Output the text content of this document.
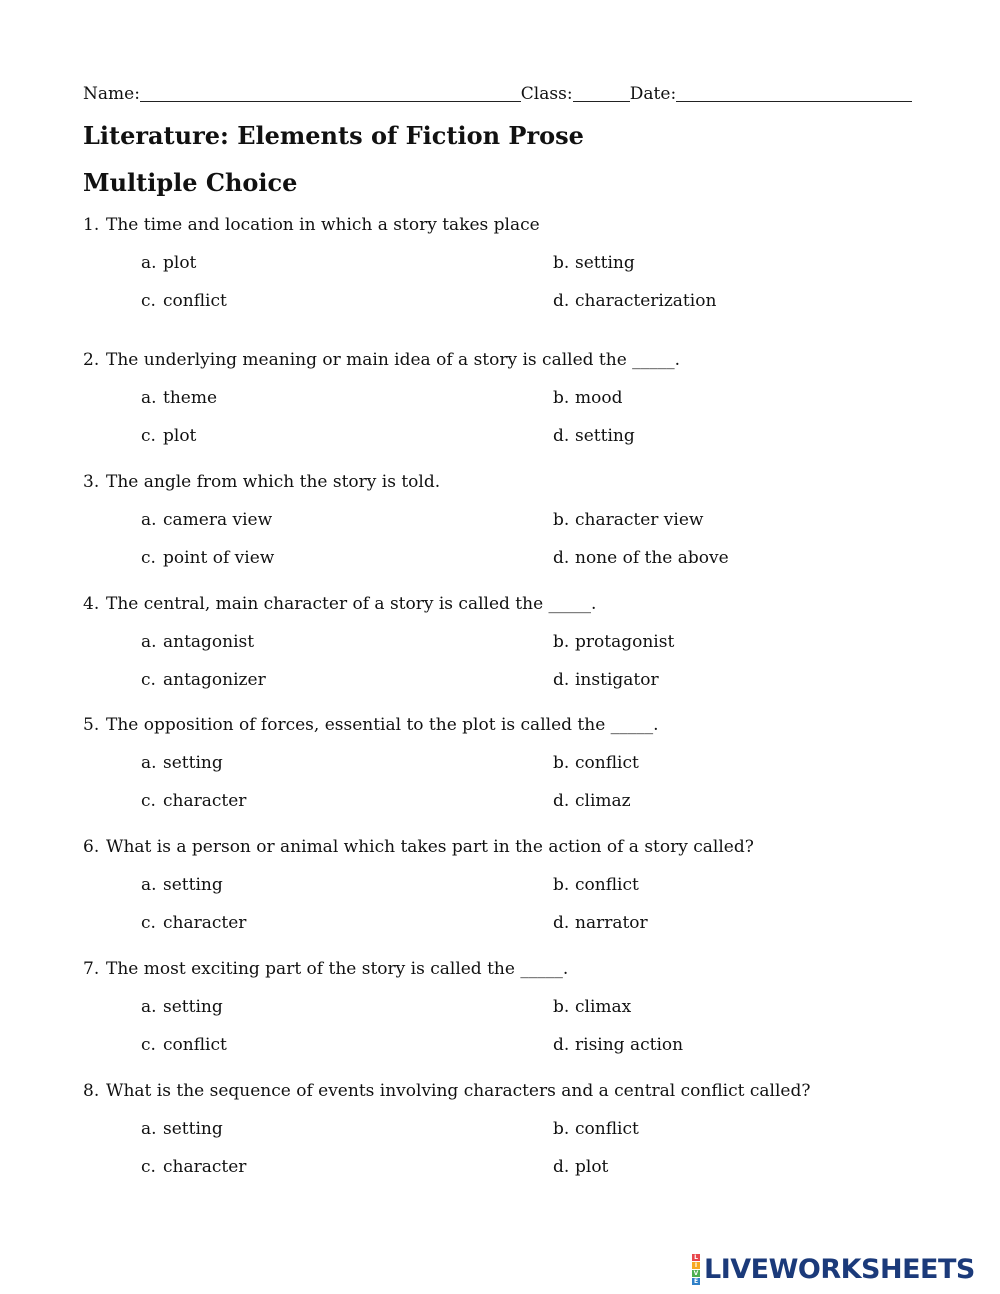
Name:	Class:	Date:
Literature: Elements of Fiction Prose
Multiple Choice
1. The time and location in which a story takes place
a. plot	b. setting
c. conflict	d. characterization
2. The underlying meaning or main idea of a story is called the _____.
a. theme	b. mood
c. plot	d. setting
3. The angle from which the story is told.
a. camera view	b. character view
c. point of view	d. none of the above
4. The central, main character of a story is called the _____.
a. antagonist	b. protagonist
c. antagonizer	d. instigator
5. The opposition of forces, essential to the plot is called the _____.
a. setting	b. conflict
c. character	d. climaz
6. What is a person or animal which takes part in the action of a story called?
a. setting	b. conflict
c. character	d. narrator
7. The most exciting part of the story is called the _____.
a. setting	b. climax
c. conflict	d. rising action
8. What is the sequence of events involving characters and a central conflict called?
a. setting	b. conflict
c. character	d. plot
L
I
V
E LIVEWORKSHEETS
